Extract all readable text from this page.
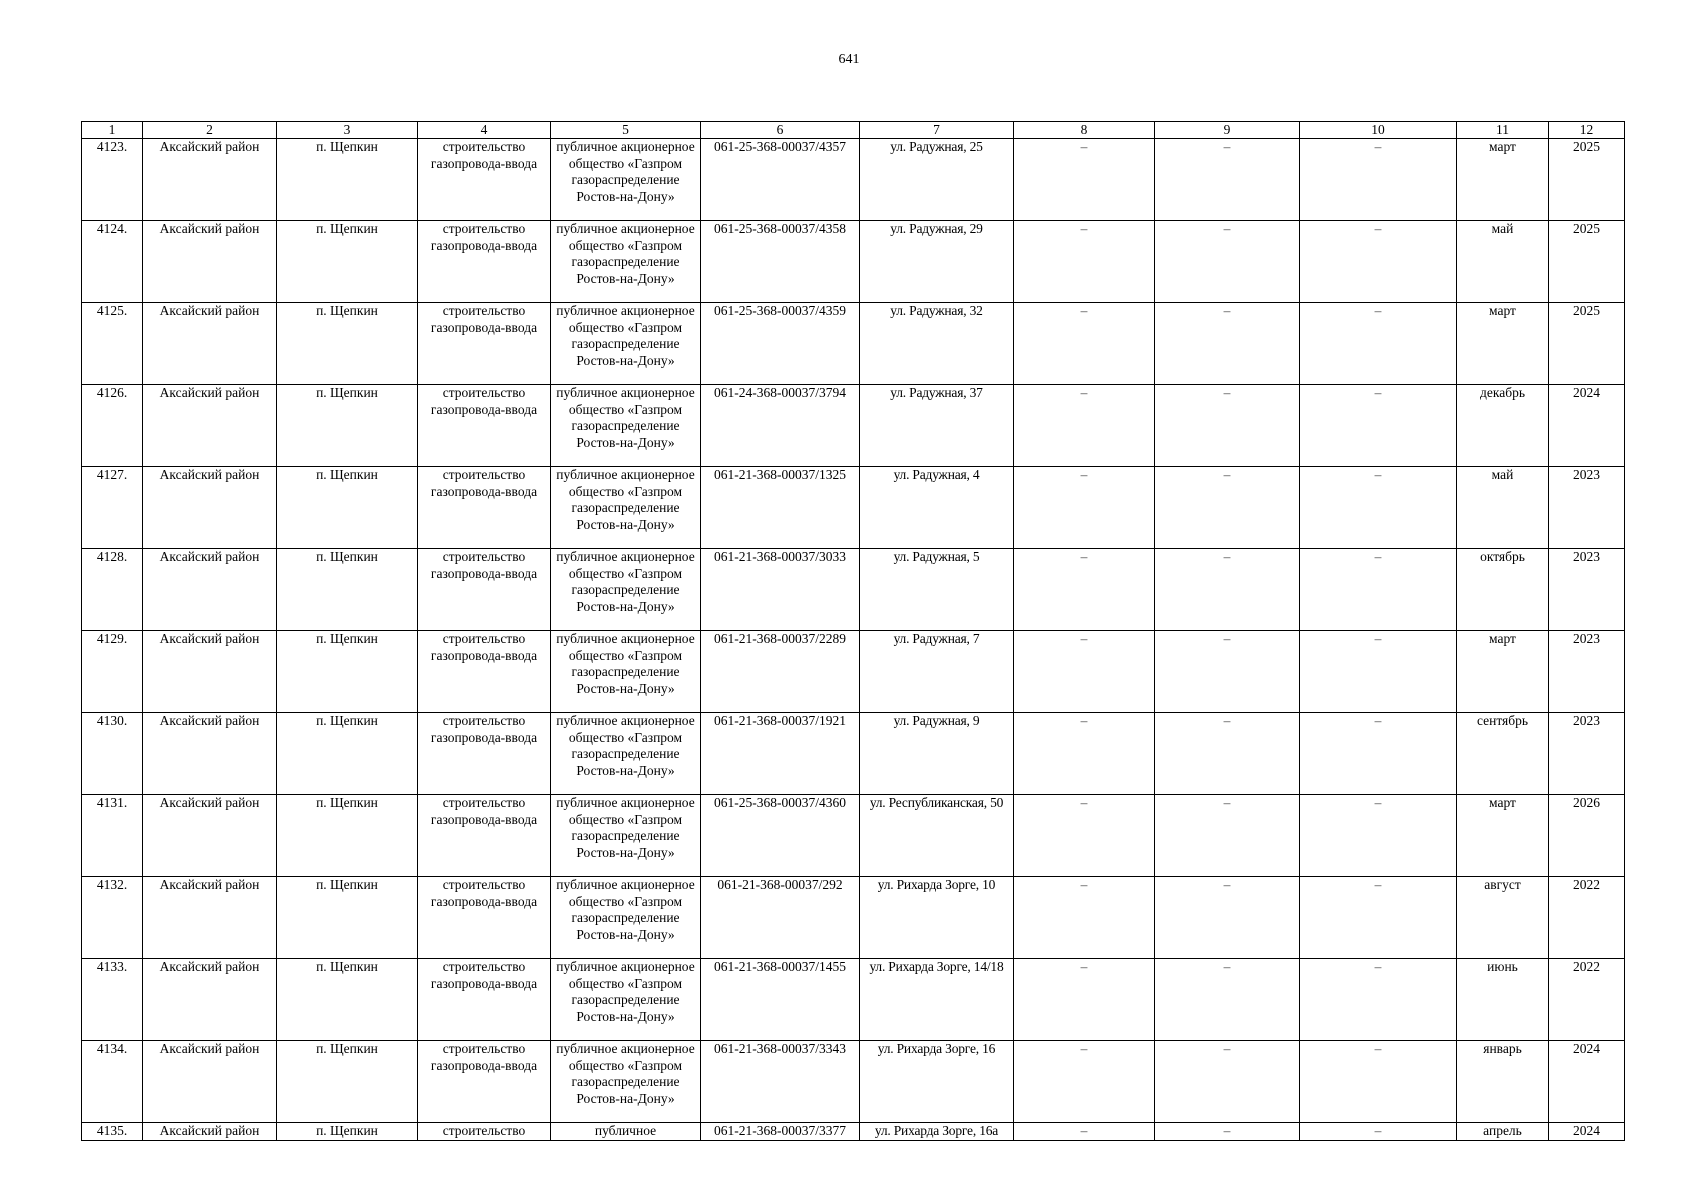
641
1	2	3	4	5	6	7	8	9	10	11	12
4123.	Аксайский район	п. Щепкин	строительство газопровода-ввода	публичное акционерное общество «Газпром газораспределение Ростов-на-Дону»	061-25-368-00037/4357	ул. Радужная, 25	–	–	–	март	2025
4124.	Аксайский район	п. Щепкин	строительство газопровода-ввода	публичное акционерное общество «Газпром газораспределение Ростов-на-Дону»	061-25-368-00037/4358	ул. Радужная, 29	–	–	–	май	2025
4125.	Аксайский район	п. Щепкин	строительство газопровода-ввода	публичное акционерное общество «Газпром газораспределение Ростов-на-Дону»	061-25-368-00037/4359	ул. Радужная, 32	–	–	–	март	2025
4126.	Аксайский район	п. Щепкин	строительство газопровода-ввода	публичное акционерное общество «Газпром газораспределение Ростов-на-Дону»	061-24-368-00037/3794	ул. Радужная, 37	–	–	–	декабрь	2024
4127.	Аксайский район	п. Щепкин	строительство газопровода-ввода	публичное акционерное общество «Газпром газораспределение Ростов-на-Дону»	061-21-368-00037/1325	ул. Радужная, 4	–	–	–	май	2023
4128.	Аксайский район	п. Щепкин	строительство газопровода-ввода	публичное акционерное общество «Газпром газораспределение Ростов-на-Дону»	061-21-368-00037/3033	ул. Радужная, 5	–	–	–	октябрь	2023
4129.	Аксайский район	п. Щепкин	строительство газопровода-ввода	публичное акционерное общество «Газпром газораспределение Ростов-на-Дону»	061-21-368-00037/2289	ул. Радужная, 7	–	–	–	март	2023
4130.	Аксайский район	п. Щепкин	строительство газопровода-ввода	публичное акционерное общество «Газпром газораспределение Ростов-на-Дону»	061-21-368-00037/1921	ул. Радужная, 9	–	–	–	сентябрь	2023
4131.	Аксайский район	п. Щепкин	строительство газопровода-ввода	публичное акционерное общество «Газпром газораспределение Ростов-на-Дону»	061-25-368-00037/4360	ул. Республиканская, 50	–	–	–	март	2026
4132.	Аксайский район	п. Щепкин	строительство газопровода-ввода	публичное акционерное общество «Газпром газораспределение Ростов-на-Дону»	061-21-368-00037/292	ул. Рихарда Зорге, 10	–	–	–	август	2022
4133.	Аксайский район	п. Щепкин	строительство газопровода-ввода	публичное акционерное общество «Газпром газораспределение Ростов-на-Дону»	061-21-368-00037/1455	ул. Рихарда Зорге, 14/18	–	–	–	июнь	2022
4134.	Аксайский район	п. Щепкин	строительство газопровода-ввода	публичное акционерное общество «Газпром газораспределение Ростов-на-Дону»	061-21-368-00037/3343	ул. Рихарда Зорге, 16	–	–	–	январь	2024
4135.	Аксайский район	п. Щепкин	строительство	публичное	061-21-368-00037/3377	ул. Рихарда Зорге, 16а	–	–	–	апрель	2024
